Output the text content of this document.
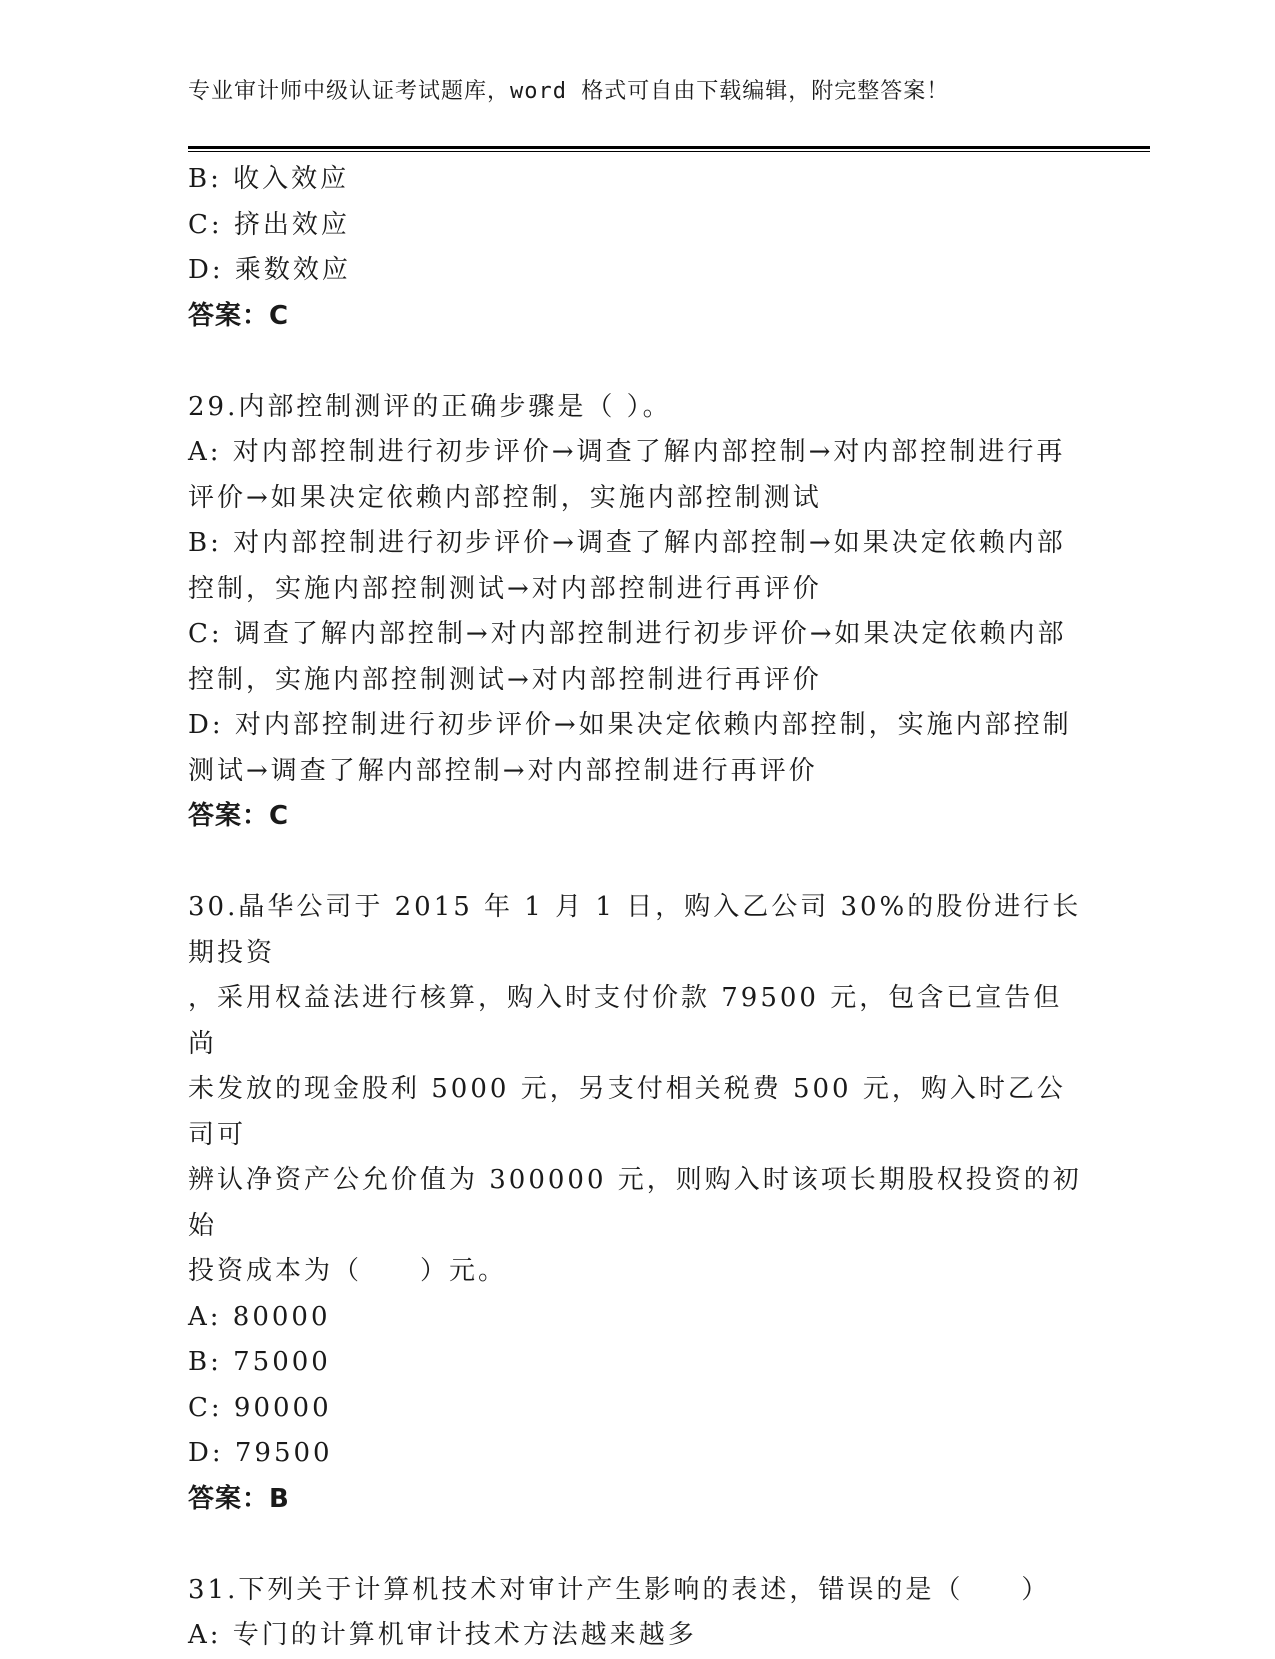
专业审计师中级认证考试题库，word 格式可自由下载编辑，附完整答案！

B: 收入效应

C: 挤出效应

D: 乘数效应

答案：C

29.内部控制测评的正确步骤是（ ）。

A: 对内部控制进行初步评价→调查了解内部控制→对内部控制进行再

评价→如果决定依赖内部控制，实施内部控制测试

B: 对内部控制进行初步评价→调查了解内部控制→如果决定依赖内部

控制，实施内部控制测试→对内部控制进行再评价

C: 调查了解内部控制→对内部控制进行初步评价→如果决定依赖内部

控制，实施内部控制测试→对内部控制进行再评价

D: 对内部控制进行初步评价→如果决定依赖内部控制，实施内部控制

测试→调查了解内部控制→对内部控制进行再评价

答案：C

30.晶华公司于 2015 年 1 月 1 日，购入乙公司 30%的股份进行长期投资

，采用权益法进行核算，购入时支付价款 79500 元，包含已宣告但尚

未发放的现金股利 5000 元，另支付相关税费 500 元，购入时乙公司可

辨认净资产公允价值为 300000 元，则购入时该项长期股权投资的初始

投资成本为（　　）元。

A: 80000

B: 75000

C: 90000

D: 79500

答案：B

31.下列关于计算机技术对审计产生影响的表述，错误的是（　　）

A: 专门的计算机审计技术方法越来越多
